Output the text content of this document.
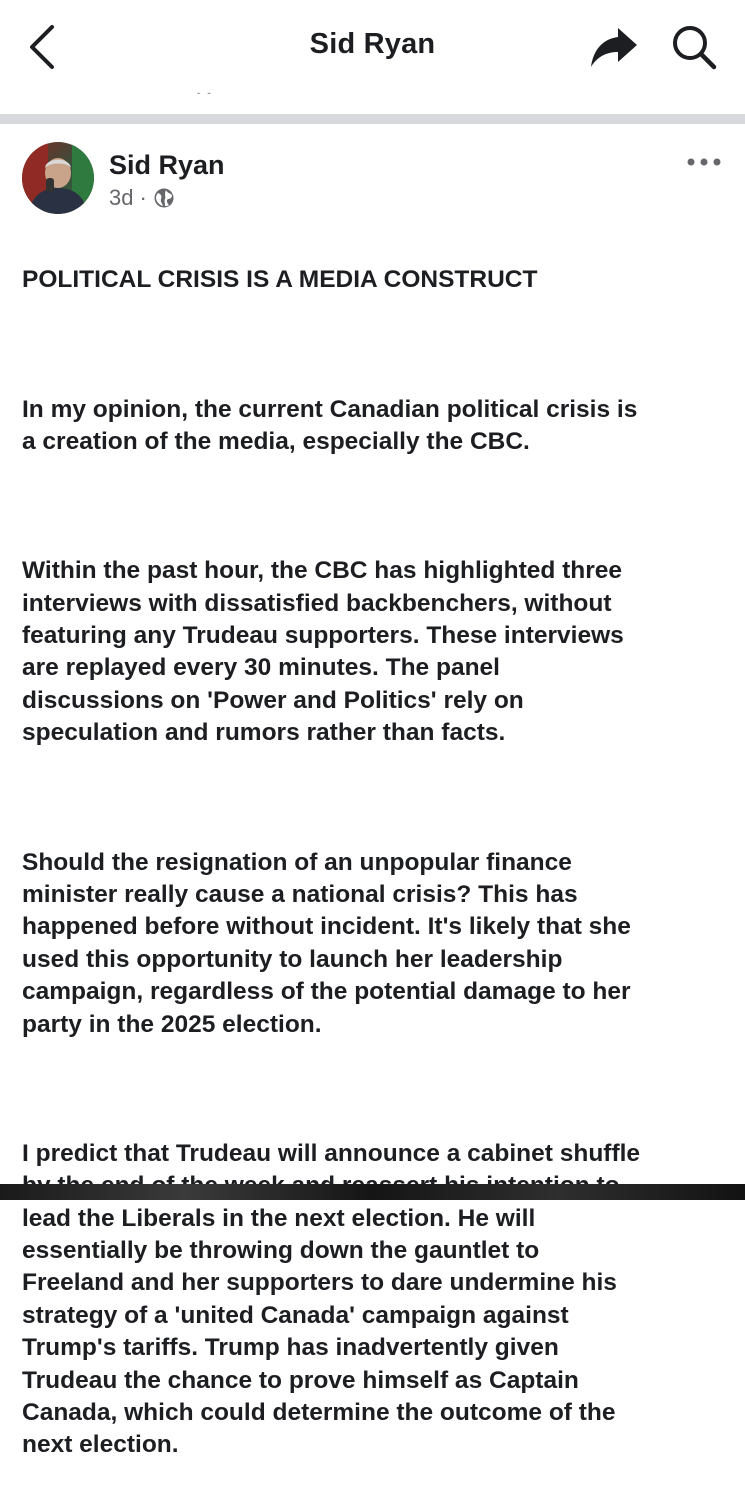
Sid Ryan
Sid Ryan
3d ·

POLITICAL CRISIS IS A MEDIA CONSTRUCT

In my opinion, the current Canadian political crisis is
a creation of the media, especially the CBC.

Within the past hour, the CBC has highlighted three
interviews with dissatisfied backbenchers, without
featuring any Trudeau supporters. These interviews
are replayed every 30 minutes. The panel
discussions on 'Power and Politics' rely on
speculation and rumors rather than facts.

Should the resignation of an unpopular finance
minister really cause a national crisis? This has
happened before without incident. It's likely that she
used this opportunity to launch her leadership
campaign, regardless of the potential damage to her
party in the 2025 election.

I predict that Trudeau will announce a cabinet shuffle

lead the Liberals in the next election. He will
essentially be throwing down the gauntlet to
Freeland and her supporters to dare undermine his
strategy of a 'united Canada' campaign against
Trump's tariffs. Trump has inadvertently given
Trudeau the chance to prove himself as Captain
Canada, which could determine the outcome of the
next election.
